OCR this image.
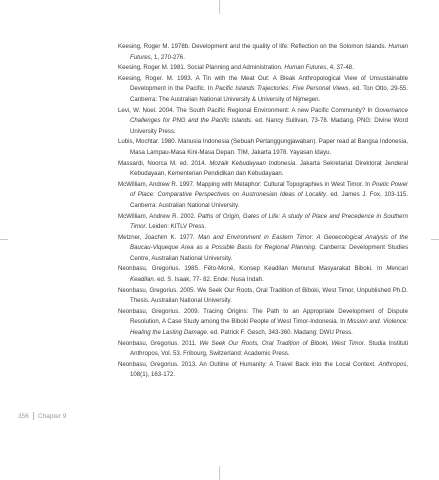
Keesing, Roger M. 1978b. Development and the quality of life: Reflection on the Solomon Islands. Human Futures, 1, 270-276.
Keesing, Roger M. 1981. Social Planning and Administration. Human Futures, 4, 37-48.
Keesing, Roger. M. 1993. A Tin with the Meat Out: A Bleak Anthropological View of Unsustainable Development in the Pacific. In Pacific Islands Trajectories: Five Personal Views. ed. Ton Otto, 29-55. Canberra: The Australian National University & University of Nijmegen.
Levi, W. Noel. 2004. The South Pacific Regional Environment: A new Pacific Community? In Governance Challenges for PNG and the Pacific Islands. ed. Nancy Sullivan, 73-78. Madang, PNG: Divine Word University Press.
Lubis, Mochtar. 1980. Manusia Indonesia (Sebuah Pertanggungjawaban). Paper read at Bangsa Indonesia, Masa Lampau-Masa Kini-Masa Depan. TIM, Jakarta 1978. Yayasan Idayu.
Massardi, Noorca M. ed. 2014. Mozaik Kebudayaan Indonesia. Jakarta Sekretariat Direktorat Jenderal Kebudayaan, Kementerian Pendidikan dan Kebudayaan.
McWilliam, Andrew R. 1997. Mapping with Metaphor: Cultural Topographies in West Timor. In Poetic Power of Place: Comparative Perspectives on Austronesian Ideas of Locality. ed. James J. Fox, 103-115. Canberra: Australian National University.
McWilliam, Andrew R. 2002. Paths of Origin, Gates of Life: A study of Place and Precedence in Southern Timor. Leiden: KITLV Press.
Metzner, Joachim K. 1977. Man and Environment in Eastern Timor: A Geoecological Analysis of the Baucau-Viqueque Area as a Possible Basis for Regional Planning. Canberra: Development Studies Centre, Australian National University.
Neonbasu, Gregorius. 1985. Fēto-Monē, Konsep Keadilan Menurut Masyarakat Biboki. In Mencari Keadilan. ed. S. Isaak, 77- 82. Ende: Nusa Indah.
Neonbasu, Gregorius. 2005. We Seek Our Roots, Oral Tradition of Biboki, West Timor, Unpublished Ph.D. Thesis. Australian National University.
Neonbasu, Gregorius. 2009. Tracing Origins: The Path to an Appropriate Development of Dispute Resolution, A Case Study among the Biboki People of West Timor-Indonesia. In Mission and. Violence: Healing the Lasting Damage. ed. Patrick F. Gesch, 343-360. Madang: DWU Press.
Neonbasu, Gregorius. 2011. We Seek Our Roots, Oral Tradition of Biboki, West Timor. Studia Instituti Anthropos, Vol. 53. Fribourg, Switzerland: Academic Press.
Neonbasu, Gregorius. 2013. An Outline of Humanity: A Travel Back into the Local Context. Anthropos, 108(1), 163-172.
356 Chapter 9
